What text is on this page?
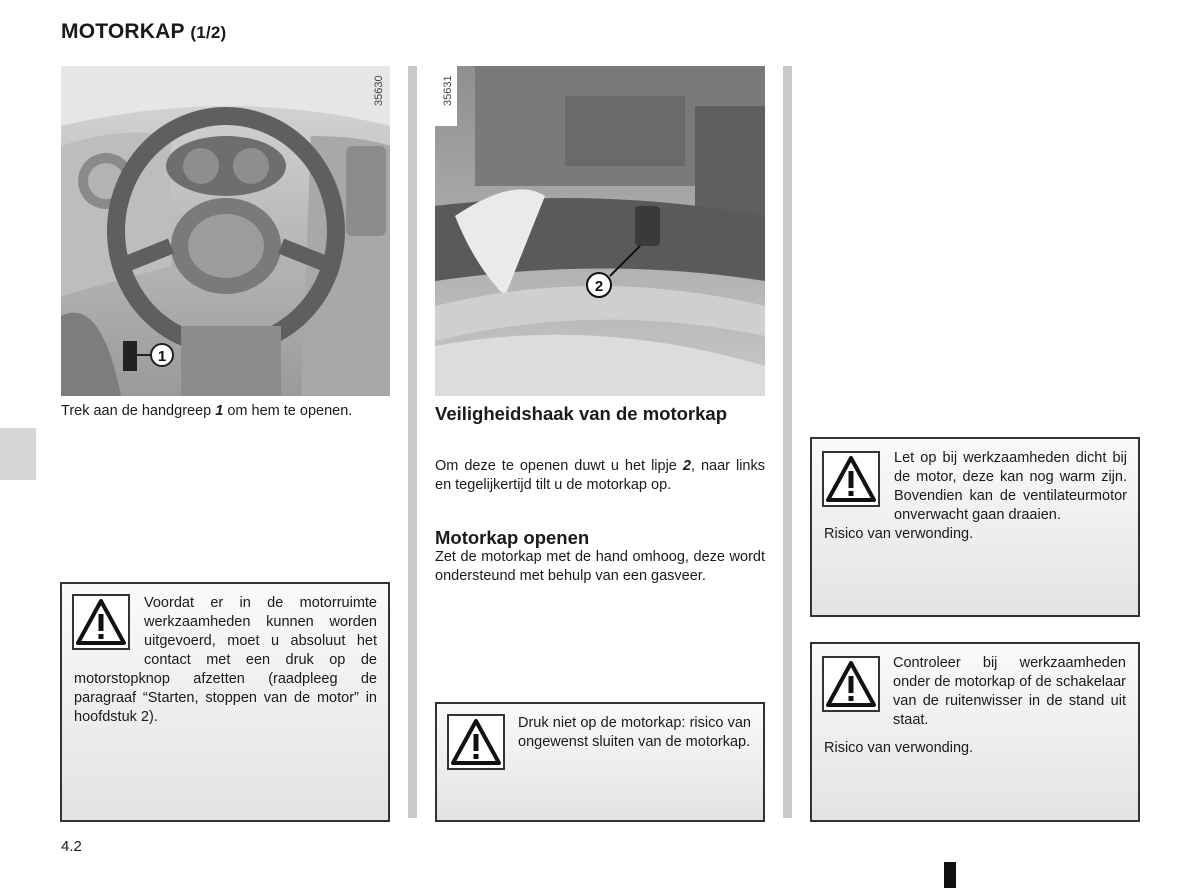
MOTORKAP (1/2)
1
35630
2
35631
Trek aan de handgreep 1 om hem te openen.	Veiligheidshaak van de motorkap
Om deze te openen duwt u het lipje 2, naar links en tegelijkertijd tilt u de motorkap op.
Motorkap openen
Zet de motorkap met de hand omhoog, deze wordt ondersteund met behulp van een gasveer.
Voordat er in de motorruimte werkzaamheden kunnen worden uitgevoerd, moet u absoluut het contact met een druk op de motorstopknop afzetten (raadpleeg de paragraaf “Starten, stoppen van de motor” in hoofdstuk 2).	Druk niet op de motorkap: risico van ongewenst sluiten van de motorkap.
Let op bij werkzaamheden dicht bij de motor, deze kan nog warm zijn. Bovendien kan de ventilateurmotor onverwacht gaan draaien.
Risico van verwonding.
Controleer bij werkzaamheden onder de motorkap of de schakelaar van de ruitenwisser in de stand uit staat.
Risico van verwonding.
4.2
